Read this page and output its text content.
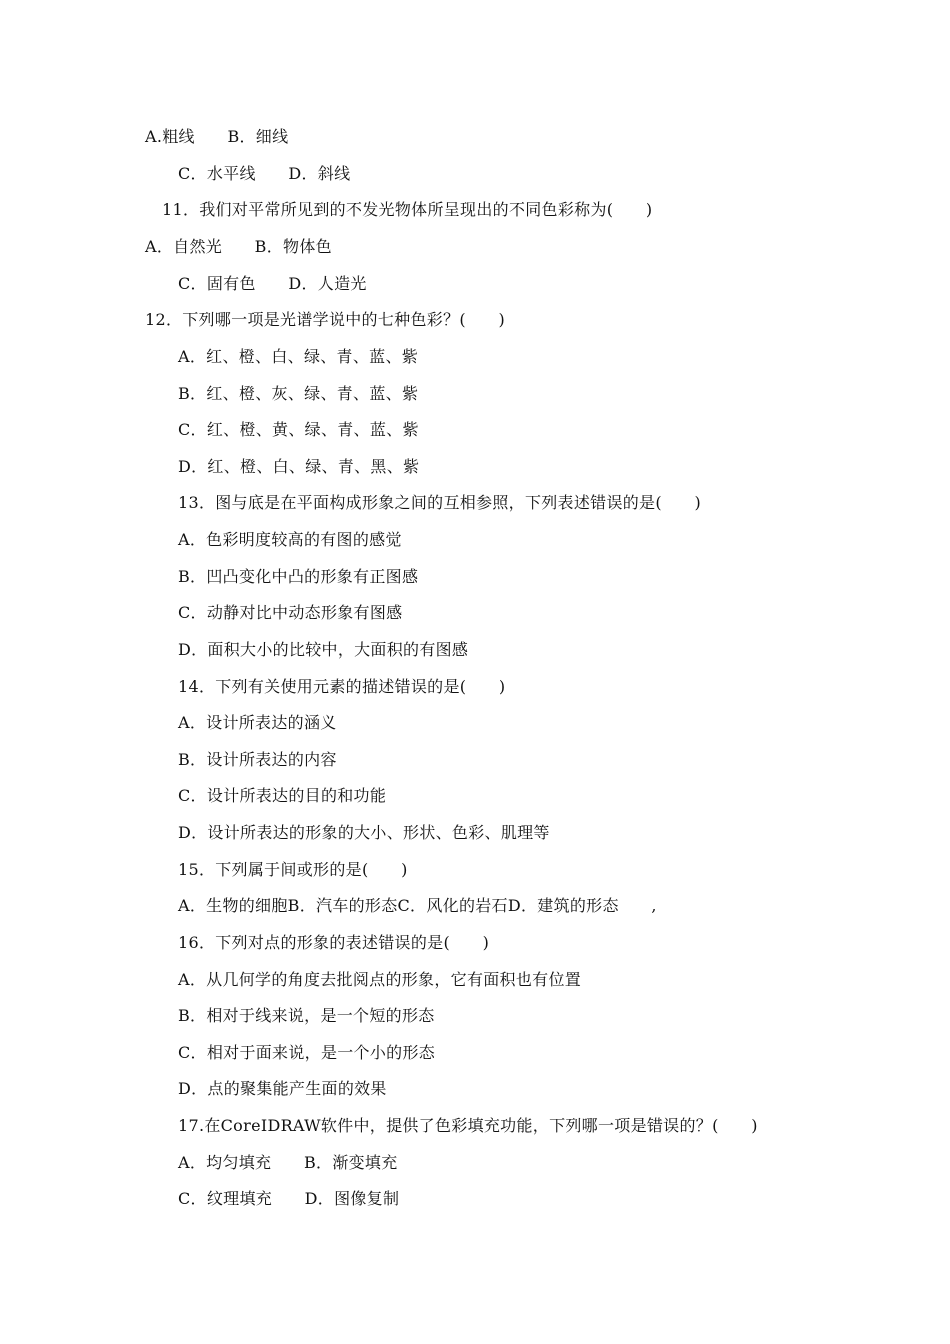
A.粗线　　B．细线
C．水平线　　D．斜线
11．我们对平常所见到的不发光物体所呈现出的不同色彩称为(　　)
A．自然光　　B．物体色
C．固有色　　D．人造光
12．下列哪一项是光谱学说中的七种色彩？(　　)
A．红、橙、白、绿、青、蓝、紫
B．红、橙、灰、绿、青、蓝、紫
C．红、橙、黄、绿、青、蓝、紫
D．红、橙、白、绿、青、黑、紫
13．图与底是在平面构成形象之间的互相参照，下列表述错误的是(　　)
A．色彩明度较高的有图的感觉
B．凹凸变化中凸的形象有正图感
C．动静对比中动态形象有图感
D．面积大小的比较中，大面积的有图感
14．下列有关使用元素的描述错误的是(　　)
A．设计所表达的涵义
B．设计所表达的内容
C．设计所表达的目的和功能
D．设计所表达的形象的大小、形状、色彩、肌理等
15．下列属于间或形的是(　　)
A．生物的细胞B．汽车的形态C．风化的岩石D．建筑的形态　　,
16．下列对点的形象的表述错误的是(　　)
A．从几何学的角度去批阅点的形象，它有面积也有位置
B．相对于线来说，是一个短的形态
C．相对于面来说，是一个小的形态
D．点的聚集能产生面的效果
17.在CoreIDRAW软件中，提供了色彩填充功能，下列哪一项是错误的？(　　)
A．均匀填充　　B．渐变填充
C．纹理填充　　D．图像复制
